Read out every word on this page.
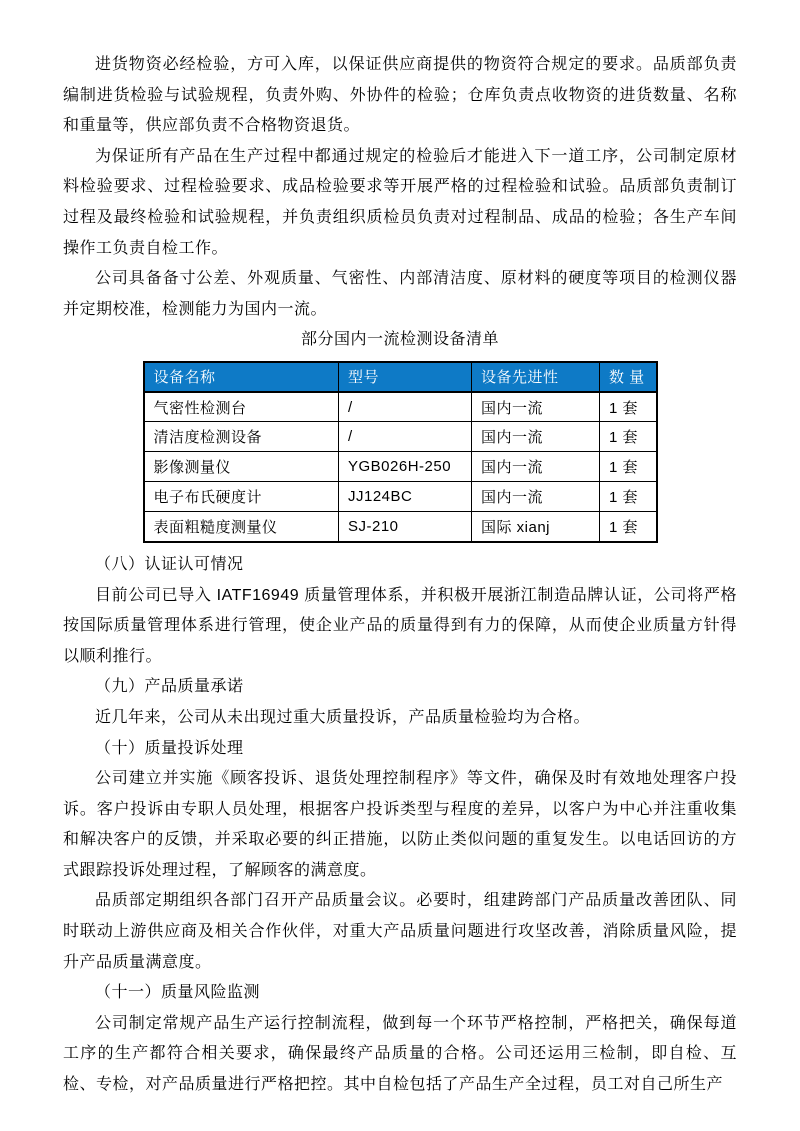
进货物资必经检验，方可入库，以保证供应商提供的物资符合规定的要求。品质部负责编制进货检验与试验规程，负责外购、外协件的检验；仓库负责点收物资的进货数量、名称和重量等，供应部负责不合格物资退货。

为保证所有产品在生产过程中都通过规定的检验后才能进入下一道工序，公司制定原材料检验要求、过程检验要求、成品检验要求等开展严格的过程检验和试验。品质部负责制订过程及最终检验和试验规程，并负责组织质检员负责对过程制品、成品的检验；各生产车间操作工负责自检工作。

公司具备备寸公差、外观质量、气密性、内部清洁度、原材料的硬度等项目的检测仪器并定期校准，检测能力为国内一流。

部分国内一流检测设备清单

设备名称	型号	设备先进性	数 量
气密性检测台	/	国内一流	1 套
清洁度检测设备	/	国内一流	1 套
影像测量仪	YGB026H-250	国内一流	1 套
电子布氏硬度计	JJ124BC	国内一流	1 套
表面粗糙度测量仪	SJ-210	国际 xianj	1 套

（八）认证认可情况

目前公司已导入 IATF16949 质量管理体系，并积极开展浙江制造品牌认证，公司将严格按国际质量管理体系进行管理，使企业产品的质量得到有力的保障，从而使企业质量方针得以顺利推行。

（九）产品质量承诺

近几年来，公司从未出现过重大质量投诉，产品质量检验均为合格。

（十）质量投诉处理

公司建立并实施《顾客投诉、退货处理控制程序》等文件，确保及时有效地处理客户投诉。客户投诉由专职人员处理，根据客户投诉类型与程度的差异，以客户为中心并注重收集和解决客户的反馈，并采取必要的纠正措施，以防止类似问题的重复发生。以电话回访的方式跟踪投诉处理过程，了解顾客的满意度。

品质部定期组织各部门召开产品质量会议。必要时，组建跨部门产品质量改善团队、同时联动上游供应商及相关合作伙伴，对重大产品质量问题进行攻坚改善，消除质量风险，提升产品质量满意度。

（十一）质量风险监测

公司制定常规产品生产运行控制流程，做到每一个环节严格控制，严格把关，确保每道工序的生产都符合相关要求，确保最终产品质量的合格。公司还运用三检制，即自检、互检、专检，对产品质量进行严格把控。其中自检包括了产品生产全过程，员工对自己所生产
